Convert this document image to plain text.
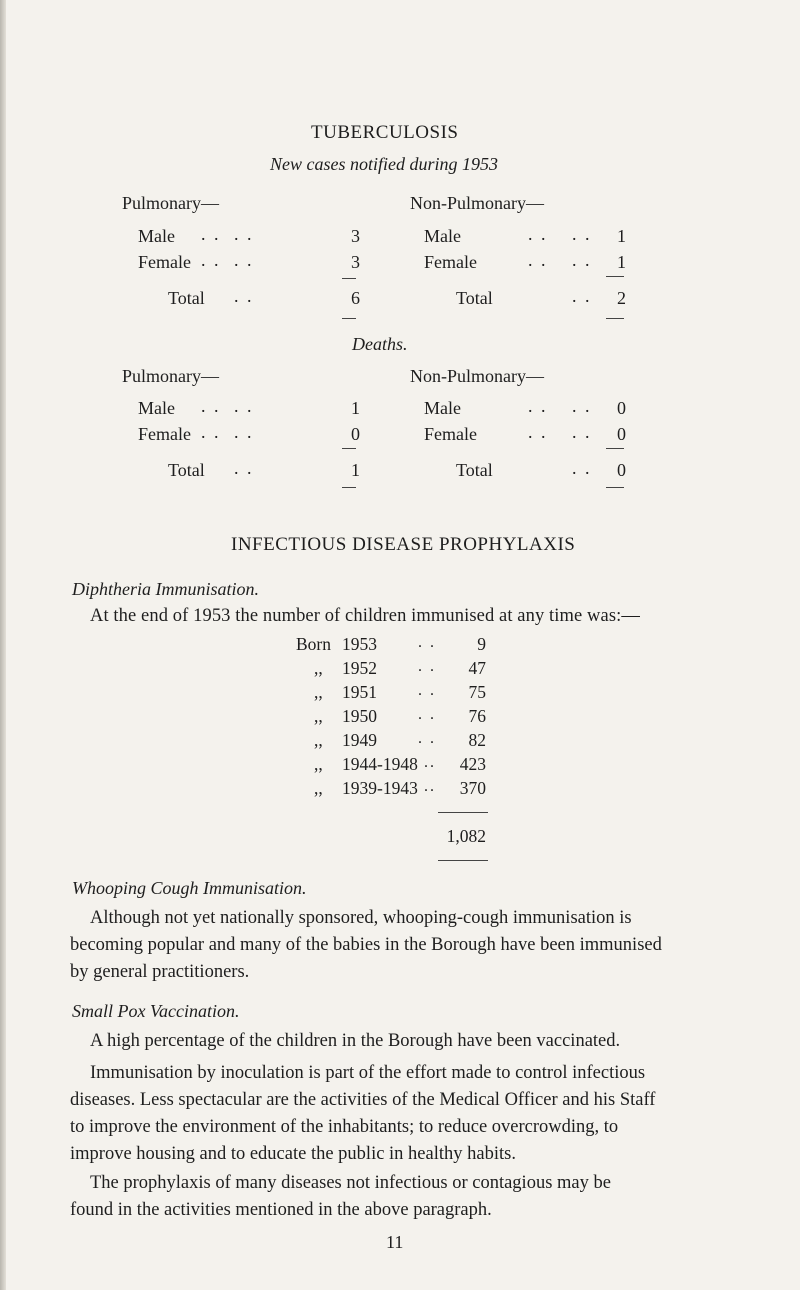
TUBERCULOSIS
New cases notified during 1953
Pulmonary—
Male . . . .	3
Female . . . .	3
Total . .	6
Non-Pulmonary—
Male	. . . .	1
Female	. . . .	1
Total	. .	2
Deaths.
Pulmonary—
Male . . . .	1
Female . . . .	0
Total . .	1
Non-Pulmonary—
Male	. . . .	0
Female	. . . .	0
Total	. .	0
INFECTIOUS DISEASE PROPHYLAXIS
Diphtheria Immunisation.
At the end of 1953 the number of children immunised at any time was:—
Born 1953	. .	9
,, 1952	. .	47
,, 1951	. .	75
,, 1950	. .	76
,, 1949	. .	82
,, 1944-1948 ..	423
,, 1939-1943 ..	370
1,082
Whooping Cough Immunisation.
Although not yet nationally sponsored, whooping-cough immunisation is
becoming popular and many of the babies in the Borough have been immunised
by general practitioners.
Small Pox Vaccination.
A high percentage of the children in the Borough have been vaccinated.
Immunisation by inoculation is part of the effort made to control infectious
diseases. Less spectacular are the activities of the Medical Officer and his Staff
to improve the environment of the inhabitants; to reduce overcrowding, to
improve housing and to educate the public in healthy habits.
The prophylaxis of many diseases not infectious or contagious may be
found in the activities mentioned in the above paragraph.
11
